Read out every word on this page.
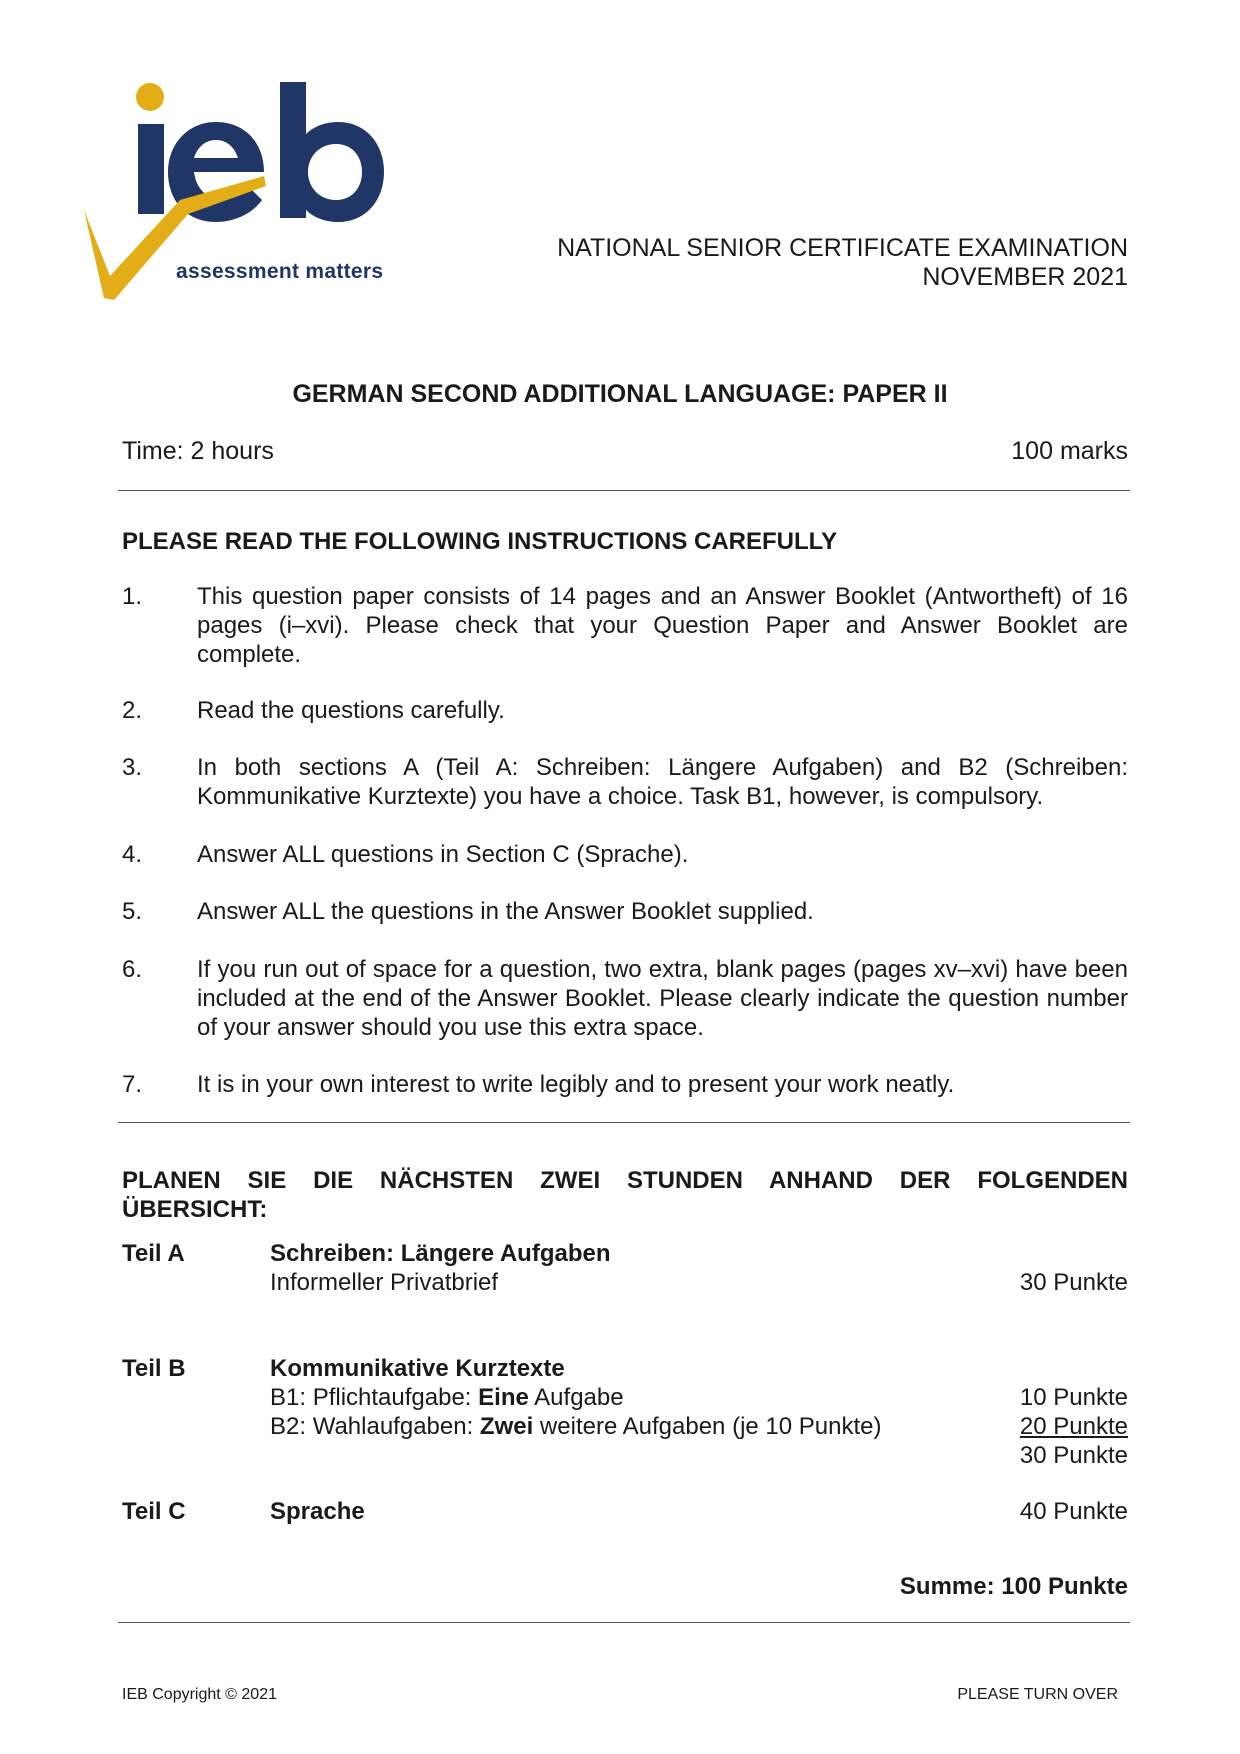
assessment matters
NATIONAL SENIOR CERTIFICATE EXAMINATION
NOVEMBER 2021
GERMAN SECOND ADDITIONAL LANGUAGE: PAPER II
Time: 2 hours	100 marks
PLEASE READ THE FOLLOWING INSTRUCTIONS CAREFULLY
1. This question paper consists of 14 pages and an Answer Booklet (Antwortheft) of 16 pages (i–xvi). Please check that your Question Paper and Answer Booklet are complete.
2. Read the questions carefully.
3. In both sections A (Teil A: Schreiben: Längere Aufgaben) and B2 (Schreiben: Kommunikative Kurztexte) you have a choice. Task B1, however, is compulsory.
4. Answer ALL questions in Section C (Sprache).
5. Answer ALL the questions in the Answer Booklet supplied.
6. If you run out of space for a question, two extra, blank pages (pages xv–xvi) have been included at the end of the Answer Booklet. Please clearly indicate the question number of your answer should you use this extra space.
7. It is in your own interest to write legibly and to present your work neatly.
PLANEN SIE DIE NÄCHSTEN ZWEI STUNDEN ANHAND DER FOLGENDEN ÜBERSICHT:
Teil A	Schreiben: Längere Aufgaben
Informeller Privatbrief	30 Punkte
Teil B	Kommunikative Kurztexte
B1: Pflichtaufgabe: Eine Aufgabe	10 Punkte
B2: Wahlaufgaben: Zwei weitere Aufgaben (je 10 Punkte)	20 Punkte
30 Punkte
Teil C	Sprache	40 Punkte
Summe: 100 Punkte
IEB Copyright © 2021	PLEASE TURN OVER
